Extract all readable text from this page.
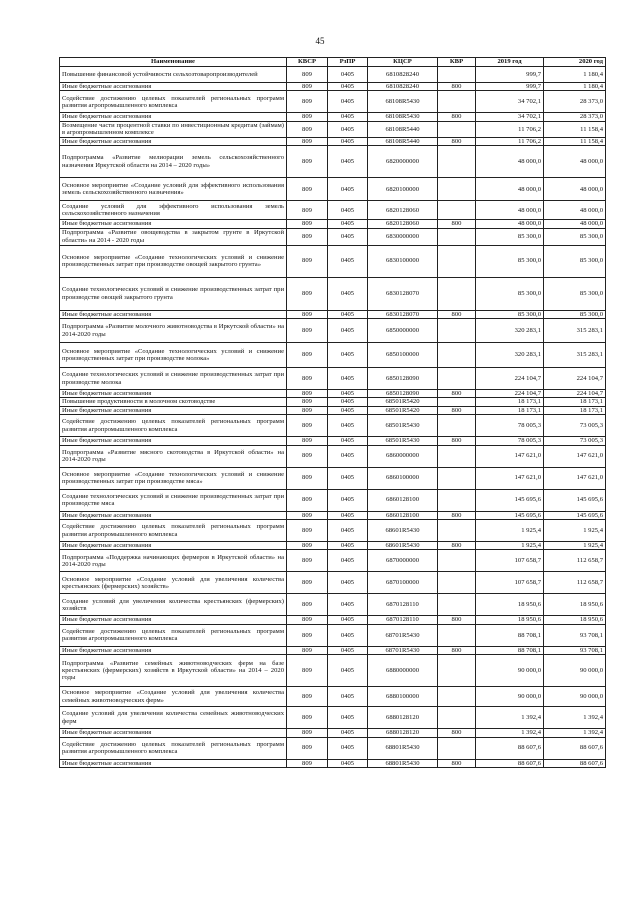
45
Наименование	КВСР	РзПР	КЦСР	КВР	2019 год	2020 год
Повышение финансовой устойчивости сельхозтоваропроизводителей	809	0405	6810828240		999,7	1 180,4
Иные бюджетные ассигнования	809	0405	6810828240	800	999,7	1 180,4
Содействие достижению целевых показателей региональных программ развития агропромышленного комплекса	809	0405	68108R5430		34 702,1	28 373,0
Иные бюджетные ассигнования	809	0405	68108R5430	800	34 702,1	28 373,0
Возмещение части процентной ставки по инвестиционным кредитам (займам) в агропромышленном комплексе	809	0405	68108R5440		11 706,2	11 158,4
Иные бюджетные ассигнования	809	0405	68108R5440	800	11 706,2	11 158,4
Подпрограмма «Развитие мелиорации земель сельскохозяйственного назначения Иркутской области на 2014 – 2020 годы»	809	0405	6820000000		48 000,0	48 000,0
Основное мероприятие «Создание условий для эффективного использования земель сельскохозяйственного назначения»	809	0405	6820100000		48 000,0	48 000,0
Создание условий для эффективного использования земель сельскохозяйственного назначения	809	0405	6820128060		48 000,0	48 000,0
Иные бюджетные ассигнования	809	0405	6820128060	800	48 000,0	48 000,0
Подпрограмма «Развитие овощеводства в закрытом грунте в Иркутской области» на 2014 - 2020 годы	809	0405	6830000000		85 300,0	85 300,0
Основное мероприятие «Создание технологических условий и снижение производственных затрат при производстве овощей закрытого грунта»	809	0405	6830100000		85 300,0	85 300,0
Создание технологических условий и снижение производственных затрат при производстве овощей закрытого грунта	809	0405	6830128070		85 300,0	85 300,0
Иные бюджетные ассигнования	809	0405	6830128070	800	85 300,0	85 300,0
Подпрограмма «Развитие молочного животноводства в Иркутской области» на 2014-2020 годы	809	0405	6850000000		320 283,1	315 283,1
Основное мероприятие «Создание технологических условий и снижение производственных затрат при производстве молока»	809	0405	6850100000		320 283,1	315 283,1
Создание технологических условий и снижение производственных затрат при производстве молока	809	0405	6850128090		224 104,7	224 104,7
Иные бюджетные ассигнования	809	0405	6850128090	800	224 104,7	224 104,7
Повышение продуктивности в молочном скотоводстве	809	0405	68501R5420		18 173,1	18 173,1
Иные бюджетные ассигнования	809	0405	68501R5420	800	18 173,1	18 173,1
Содействие достижению целевых показателей региональных программ развития агропромышленного комплекса	809	0405	68501R5430		78 005,3	73 005,3
Иные бюджетные ассигнования	809	0405	68501R5430	800	78 005,3	73 005,3
Подпрограмма «Развитие мясного скотоводства в Иркутской области» на 2014-2020 годы	809	0405	6860000000		147 621,0	147 621,0
Основное мероприятие «Создание технологических условий и снижение производственных затрат при производстве мяса»	809	0405	6860100000		147 621,0	147 621,0
Создание технологических условий и снижение производственных затрат при производстве мяса	809	0405	6860128100		145 695,6	145 695,6
Иные бюджетные ассигнования	809	0405	6860128100	800	145 695,6	145 695,6
Содействие достижению целевых показателей региональных программ развития агропромышленного комплекса	809	0405	68601R5430		1 925,4	1 925,4
Иные бюджетные ассигнования	809	0405	68601R5430	800	1 925,4	1 925,4
Подпрограмма «Поддержка начинающих фермеров в Иркутской области» на 2014-2020 годы	809	0405	6870000000		107 658,7	112 658,7
Основное мероприятие «Создание условий для увеличения количества крестьянских (фермерских) хозяйств»	809	0405	6870100000		107 658,7	112 658,7
Создание условий для увеличения количества крестьянских (фермерских) хозяйств	809	0405	6870128110		18 950,6	18 950,6
Иные бюджетные ассигнования	809	0405	6870128110	800	18 950,6	18 950,6
Содействие достижению целевых показателей региональных программ развития агропромышленного комплекса	809	0405	68701R5430		88 708,1	93 708,1
Иные бюджетные ассигнования	809	0405	68701R5430	800	88 708,1	93 708,1
Подпрограмма «Развитие семейных животноводческих ферм на базе крестьянских (фермерских) хозяйств в Иркутской области» на 2014 – 2020 годы	809	0405	6880000000		90 000,0	90 000,0
Основное мероприятие «Создание условий для увеличения количества семейных животноводческих ферм»	809	0405	6880100000		90 000,0	90 000,0
Создание условий для увеличения количества семейных животноводческих ферм	809	0405	6880128120		1 392,4	1 392,4
Иные бюджетные ассигнования	809	0405	6880128120	800	1 392,4	1 392,4
Содействие достижению целевых показателей региональных программ развития агропромышленного комплекса	809	0405	68801R5430		88 607,6	88 607,6
Иные бюджетные ассигнования	809	0405	68801R5430	800	88 607,6	88 607,6
